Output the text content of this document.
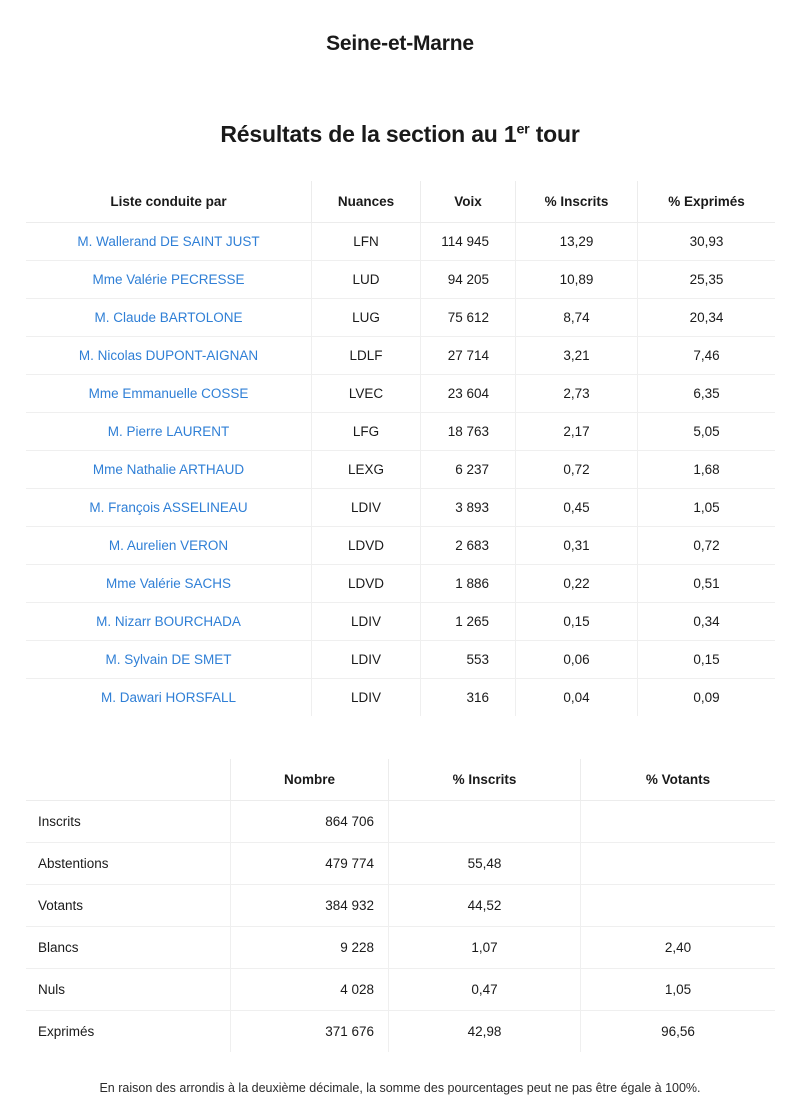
Seine-et-Marne
Résultats de la section au 1er tour
Liste conduite par	Nuances	Voix	% Inscrits	% Exprimés
M. Wallerand DE SAINT JUST	LFN	114 945	13,29	30,93
Mme Valérie PECRESSE	LUD	94 205	10,89	25,35
M. Claude BARTOLONE	LUG	75 612	8,74	20,34
M. Nicolas DUPONT-AIGNAN	LDLF	27 714	3,21	7,46
Mme Emmanuelle COSSE	LVEC	23 604	2,73	6,35
M. Pierre LAURENT	LFG	18 763	2,17	5,05
Mme Nathalie ARTHAUD	LEXG	6 237	0,72	1,68
M. François ASSELINEAU	LDIV	3 893	0,45	1,05
M. Aurelien VERON	LDVD	2 683	0,31	0,72
Mme Valérie SACHS	LDVD	1 886	0,22	0,51
M. Nizarr BOURCHADA	LDIV	1 265	0,15	0,34
M. Sylvain DE SMET	LDIV	553	0,06	0,15
M. Dawari HORSFALL	LDIV	316	0,04	0,09
	Nombre	% Inscrits	% Votants
Inscrits	864 706		
Abstentions	479 774	55,48	
Votants	384 932	44,52	
Blancs	9 228	1,07	2,40
Nuls	4 028	0,47	1,05
Exprimés	371 676	42,98	96,56

En raison des arrondis à la deuxième décimale, la somme des pourcentages peut ne pas être égale à 100%.
